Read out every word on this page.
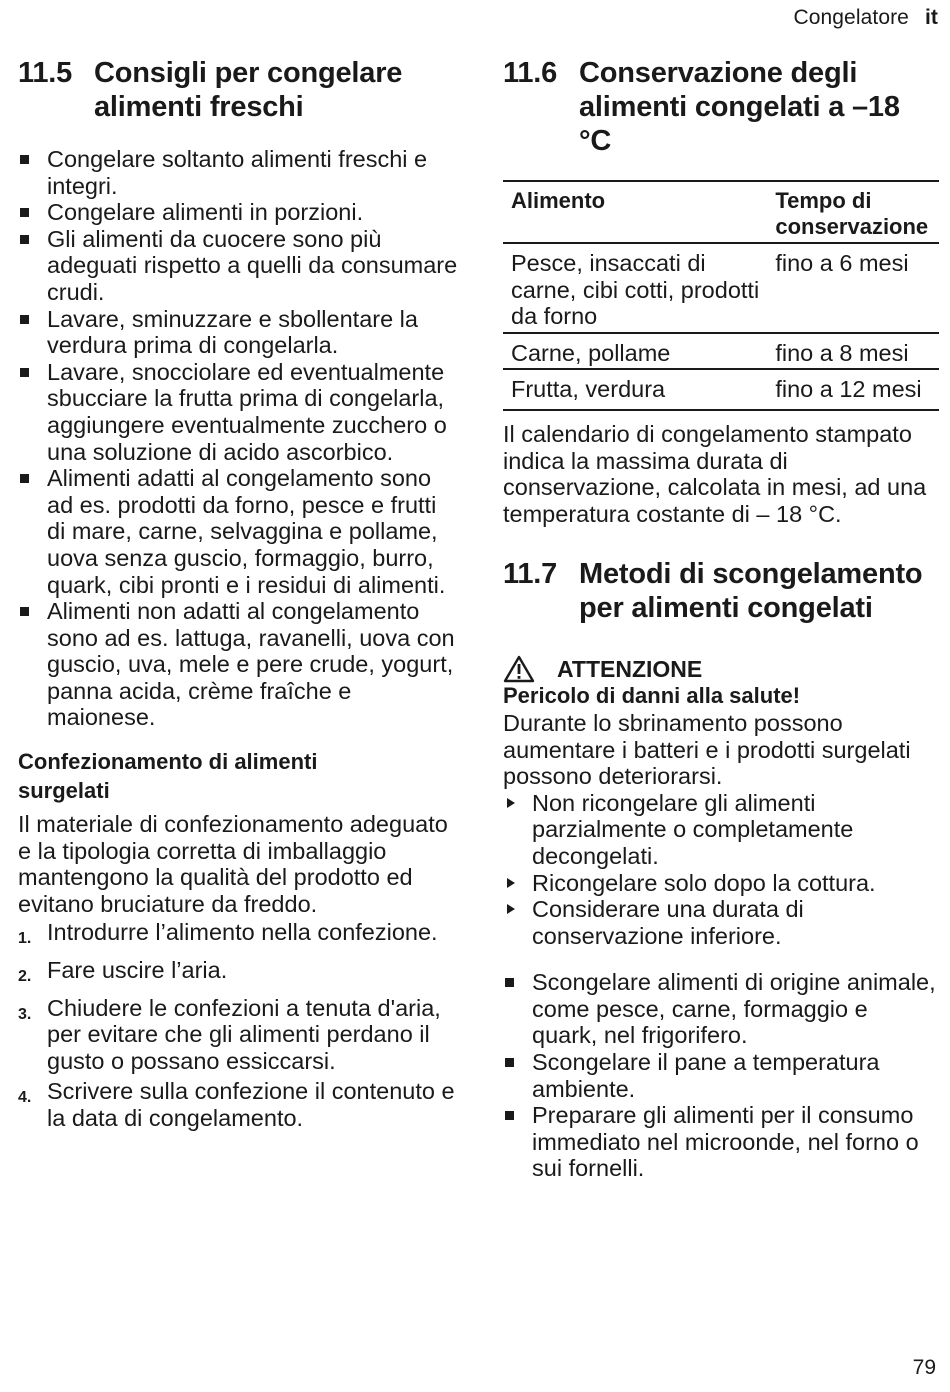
Congelatore it
11.5 Consigli per congelare alimenti freschi
Congelare soltanto alimenti freschi e integri.
Congelare alimenti in porzioni.
Gli alimenti da cuocere sono più adeguati rispetto a quelli da consumare crudi.
Lavare, sminuzzare e sbollentare la verdura prima di congelarla.
Lavare, snocciolare ed eventualmente sbucciare la frutta prima di congelarla, aggiungere eventualmente zucchero o una soluzione di acido ascorbico.
Alimenti adatti al congelamento sono ad es. prodotti da forno, pesce e frutti di mare, carne, selvaggina e pollame, uova senza guscio, formaggio, burro, quark, cibi pronti e i residui di alimenti.
Alimenti non adatti al congelamento sono ad es. lattuga, ravanelli, uova con guscio, uva, mele e pere crude, yogurt, panna acida, crème fraîche e maionese.
Confezionamento di alimenti surgelati
Il materiale di confezionamento adeguato e la tipologia corretta di imballaggio mantengono la qualità del prodotto ed evitano bruciature da freddo.
1. Introdurre l’alimento nella confezione.
2. Fare uscire l’aria.
3. Chiudere le confezioni a tenuta d'aria, per evitare che gli alimenti perdano il gusto o possano essiccarsi.
4. Scrivere sulla confezione il contenuto e la data di congelamento.
11.6 Conservazione degli alimenti congelati a –18 °C
Alimento	Tempo di conservazione
Pesce, insaccati di carne, cibi cotti, prodotti da forno	fino a 6 mesi
Carne, pollame	fino a 8 mesi
Frutta, verdura	fino a 12 mesi
Il calendario di congelamento stampato indica la massima durata di conservazione, calcolata in mesi, ad una temperatura costante di – 18 °C.
11.7 Metodi di scongelamento per alimenti congelati
ATTENZIONE
Pericolo di danni alla salute!
Durante lo sbrinamento possono aumentare i batteri e i prodotti surgelati possono deteriorarsi.
Non ricongelare gli alimenti parzialmente o completamente decongelati.
Ricongelare solo dopo la cottura.
Considerare una durata di conservazione inferiore.
Scongelare alimenti di origine animale, come pesce, carne, formaggio e quark, nel frigorifero.
Scongelare il pane a temperatura ambiente.
Preparare gli alimenti per il consumo immediato nel microonde, nel forno o sui fornelli.
79
